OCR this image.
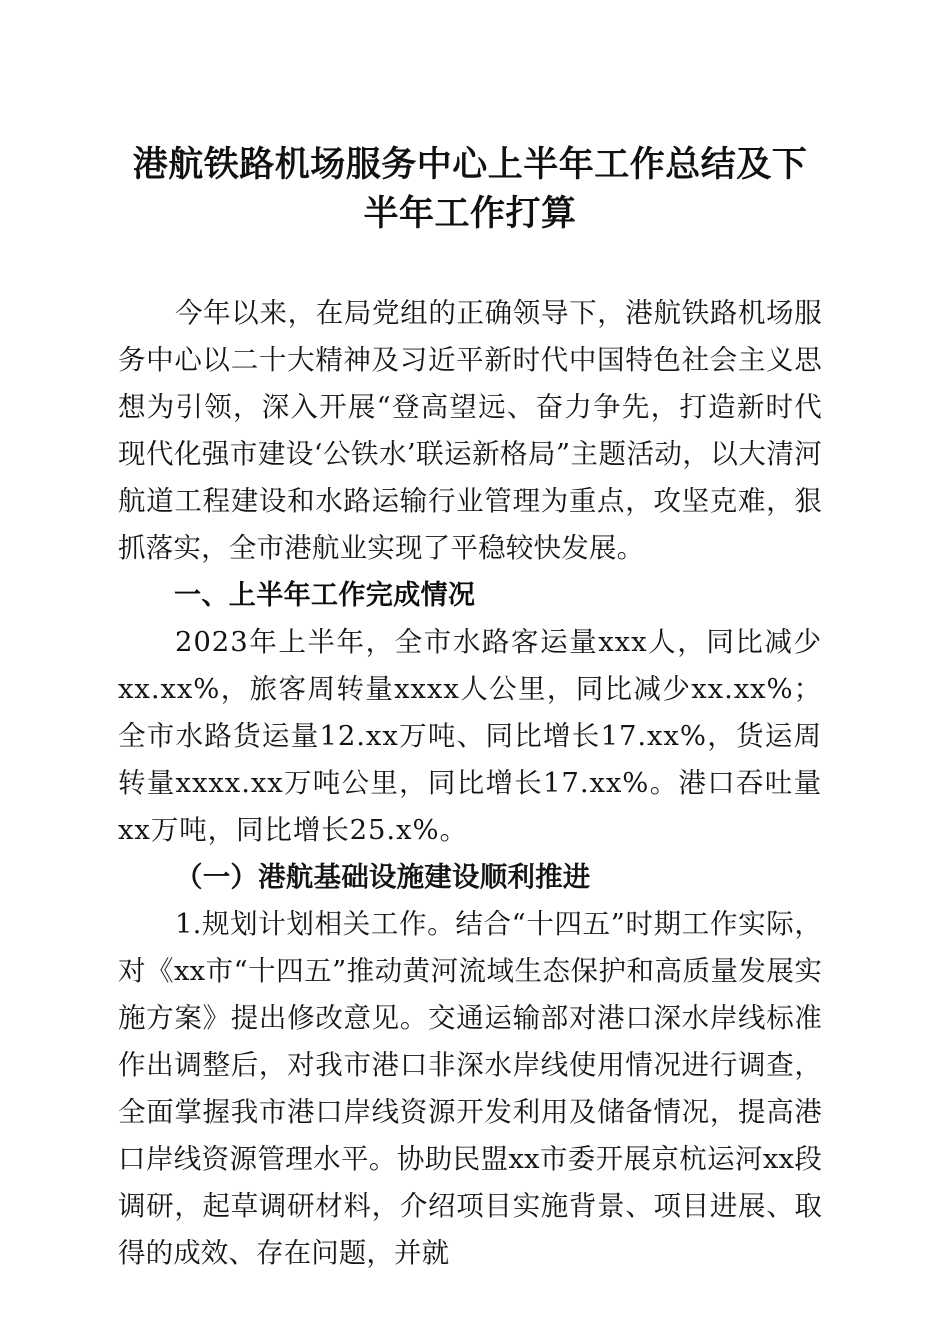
港航铁路机场服务中心上半年工作总结及下半年工作打算

今年以来，在局党组的正确领导下，港航铁路机场服务中心以二十大精神及习近平新时代中国特色社会主义思想为引领，深入开展“登高望远、奋力争先，打造新时代现代化强市建设‘公铁水’联运新格局”主题活动，以大清河航道工程建设和水路运输行业管理为重点，攻坚克难，狠抓落实，全市港航业实现了平稳较快发展。

一、上半年工作完成情况

2023年上半年，全市水路客运量xxx人，同比减少xx.xx%，旅客周转量xxxx人公里，同比减少xx.xx%；全市水路货运量12.xx万吨、同比增长17.xx%，货运周转量xxxx.xx万吨公里，同比增长17.xx%。港口吞吐量xx万吨，同比增长25.x%。

（一）港航基础设施建设顺利推进

1.规划计划相关工作。结合“十四五”时期工作实际，对《xx市“十四五”推动黄河流域生态保护和高质量发展实施方案》提出修改意见。交通运输部对港口深水岸线标准作出调整后，对我市港口非深水岸线使用情况进行调查，全面掌握我市港口岸线资源开发利用及储备情况，提高港口岸线资源管理水平。协助民盟xx市委开展京杭运河xx段调研，起草调研材料，介绍项目实施背景、项目进展、取得的成效、存在问题，并就
